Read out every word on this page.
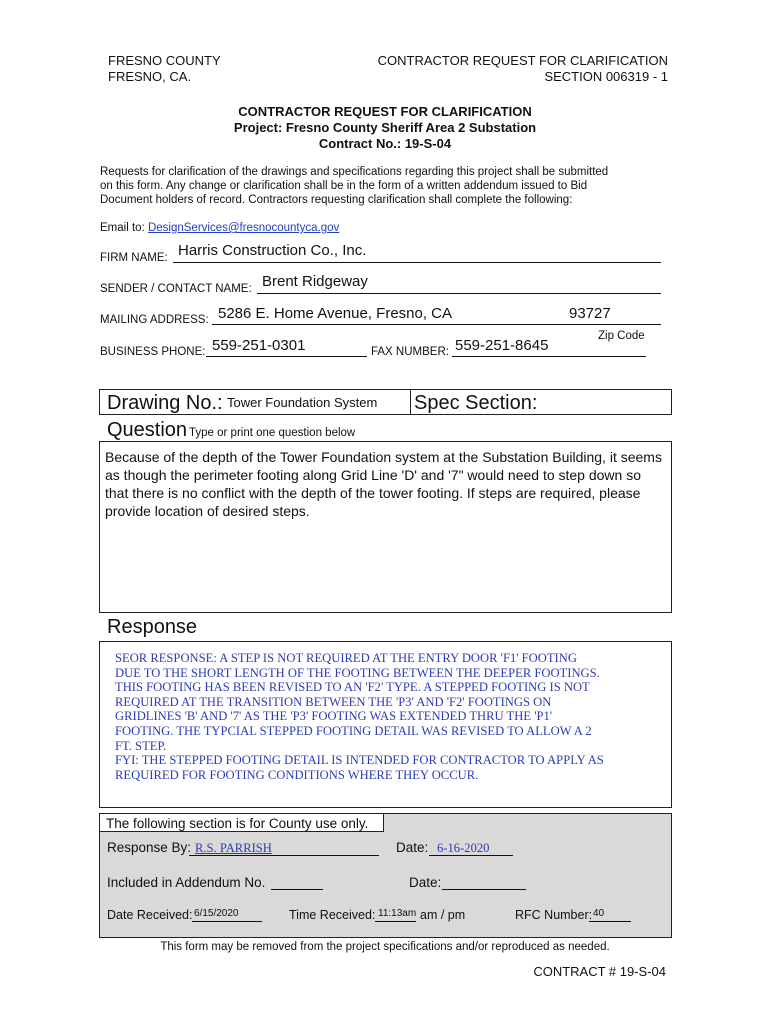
FRESNO COUNTY
FRESNO, CA.
CONTRACTOR REQUEST FOR CLARIFICATION
SECTION 006319 - 1
CONTRACTOR REQUEST FOR CLARIFICATION
Project: Fresno County Sheriff Area 2 Substation
Contract No.: 19-S-04
Requests for clarification of the drawings and specifications regarding this project shall be submitted
on this form. Any change or clarification shall be in the form of a written addendum issued to Bid
Document holders of record. Contractors requesting clarification shall complete the following:
Email to: DesignServices@fresnocountyca.gov
FIRM NAME: Harris Construction Co., Inc.
SENDER / CONTACT NAME: Brent Ridgeway
MAILING ADDRESS: 5286 E. Home Avenue, Fresno, CA	93727
Zip Code
BUSINESS PHONE: 559-251-0301	FAX NUMBER: 559-251-8645
Drawing No.: Tower Foundation System Spec Section:
Question Type or print one question below
Because of the depth of the Tower Foundation system at the Substation Building, it seems as though the perimeter footing along Grid Line 'D' and '7" would need to step down so that there is no conflict with the depth of the tower footing. If steps are required, please provide location of desired steps.
Response
SEOR RESPONSE: A STEP IS NOT REQUIRED AT THE ENTRY DOOR 'F1' FOOTING
DUE TO THE SHORT LENGTH OF THE FOOTING BETWEEN THE DEEPER FOOTINGS.
THIS FOOTING HAS BEEN REVISED TO AN 'F2' TYPE. A STEPPED FOOTING IS NOT
REQUIRED AT THE TRANSITION BETWEEN THE 'P3' AND 'F2' FOOTINGS ON
GRIDLINES 'B' AND '7' AS THE 'P3' FOOTING WAS EXTENDED THRU THE 'P1'
FOOTING. THE TYPCIAL STEPPED FOOTING DETAIL WAS REVISED TO ALLOW A 2
FT. STEP.
FYI: THE STEPPED FOOTING DETAIL IS INTENDED FOR CONTRACTOR TO APPLY AS
REQUIRED FOR FOOTING CONDITIONS WHERE THEY OCCUR.
The following section is for County use only.
Response By: R.S. PARRISH	Date: 6-16-2020
Included in Addendum No.	Date:
Date Received: 6/15/2020	Time Received: 11:13am am / pm	RFC Number: 40
This form may be removed from the project specifications and/or reproduced as needed.
CONTRACT # 19-S-04
